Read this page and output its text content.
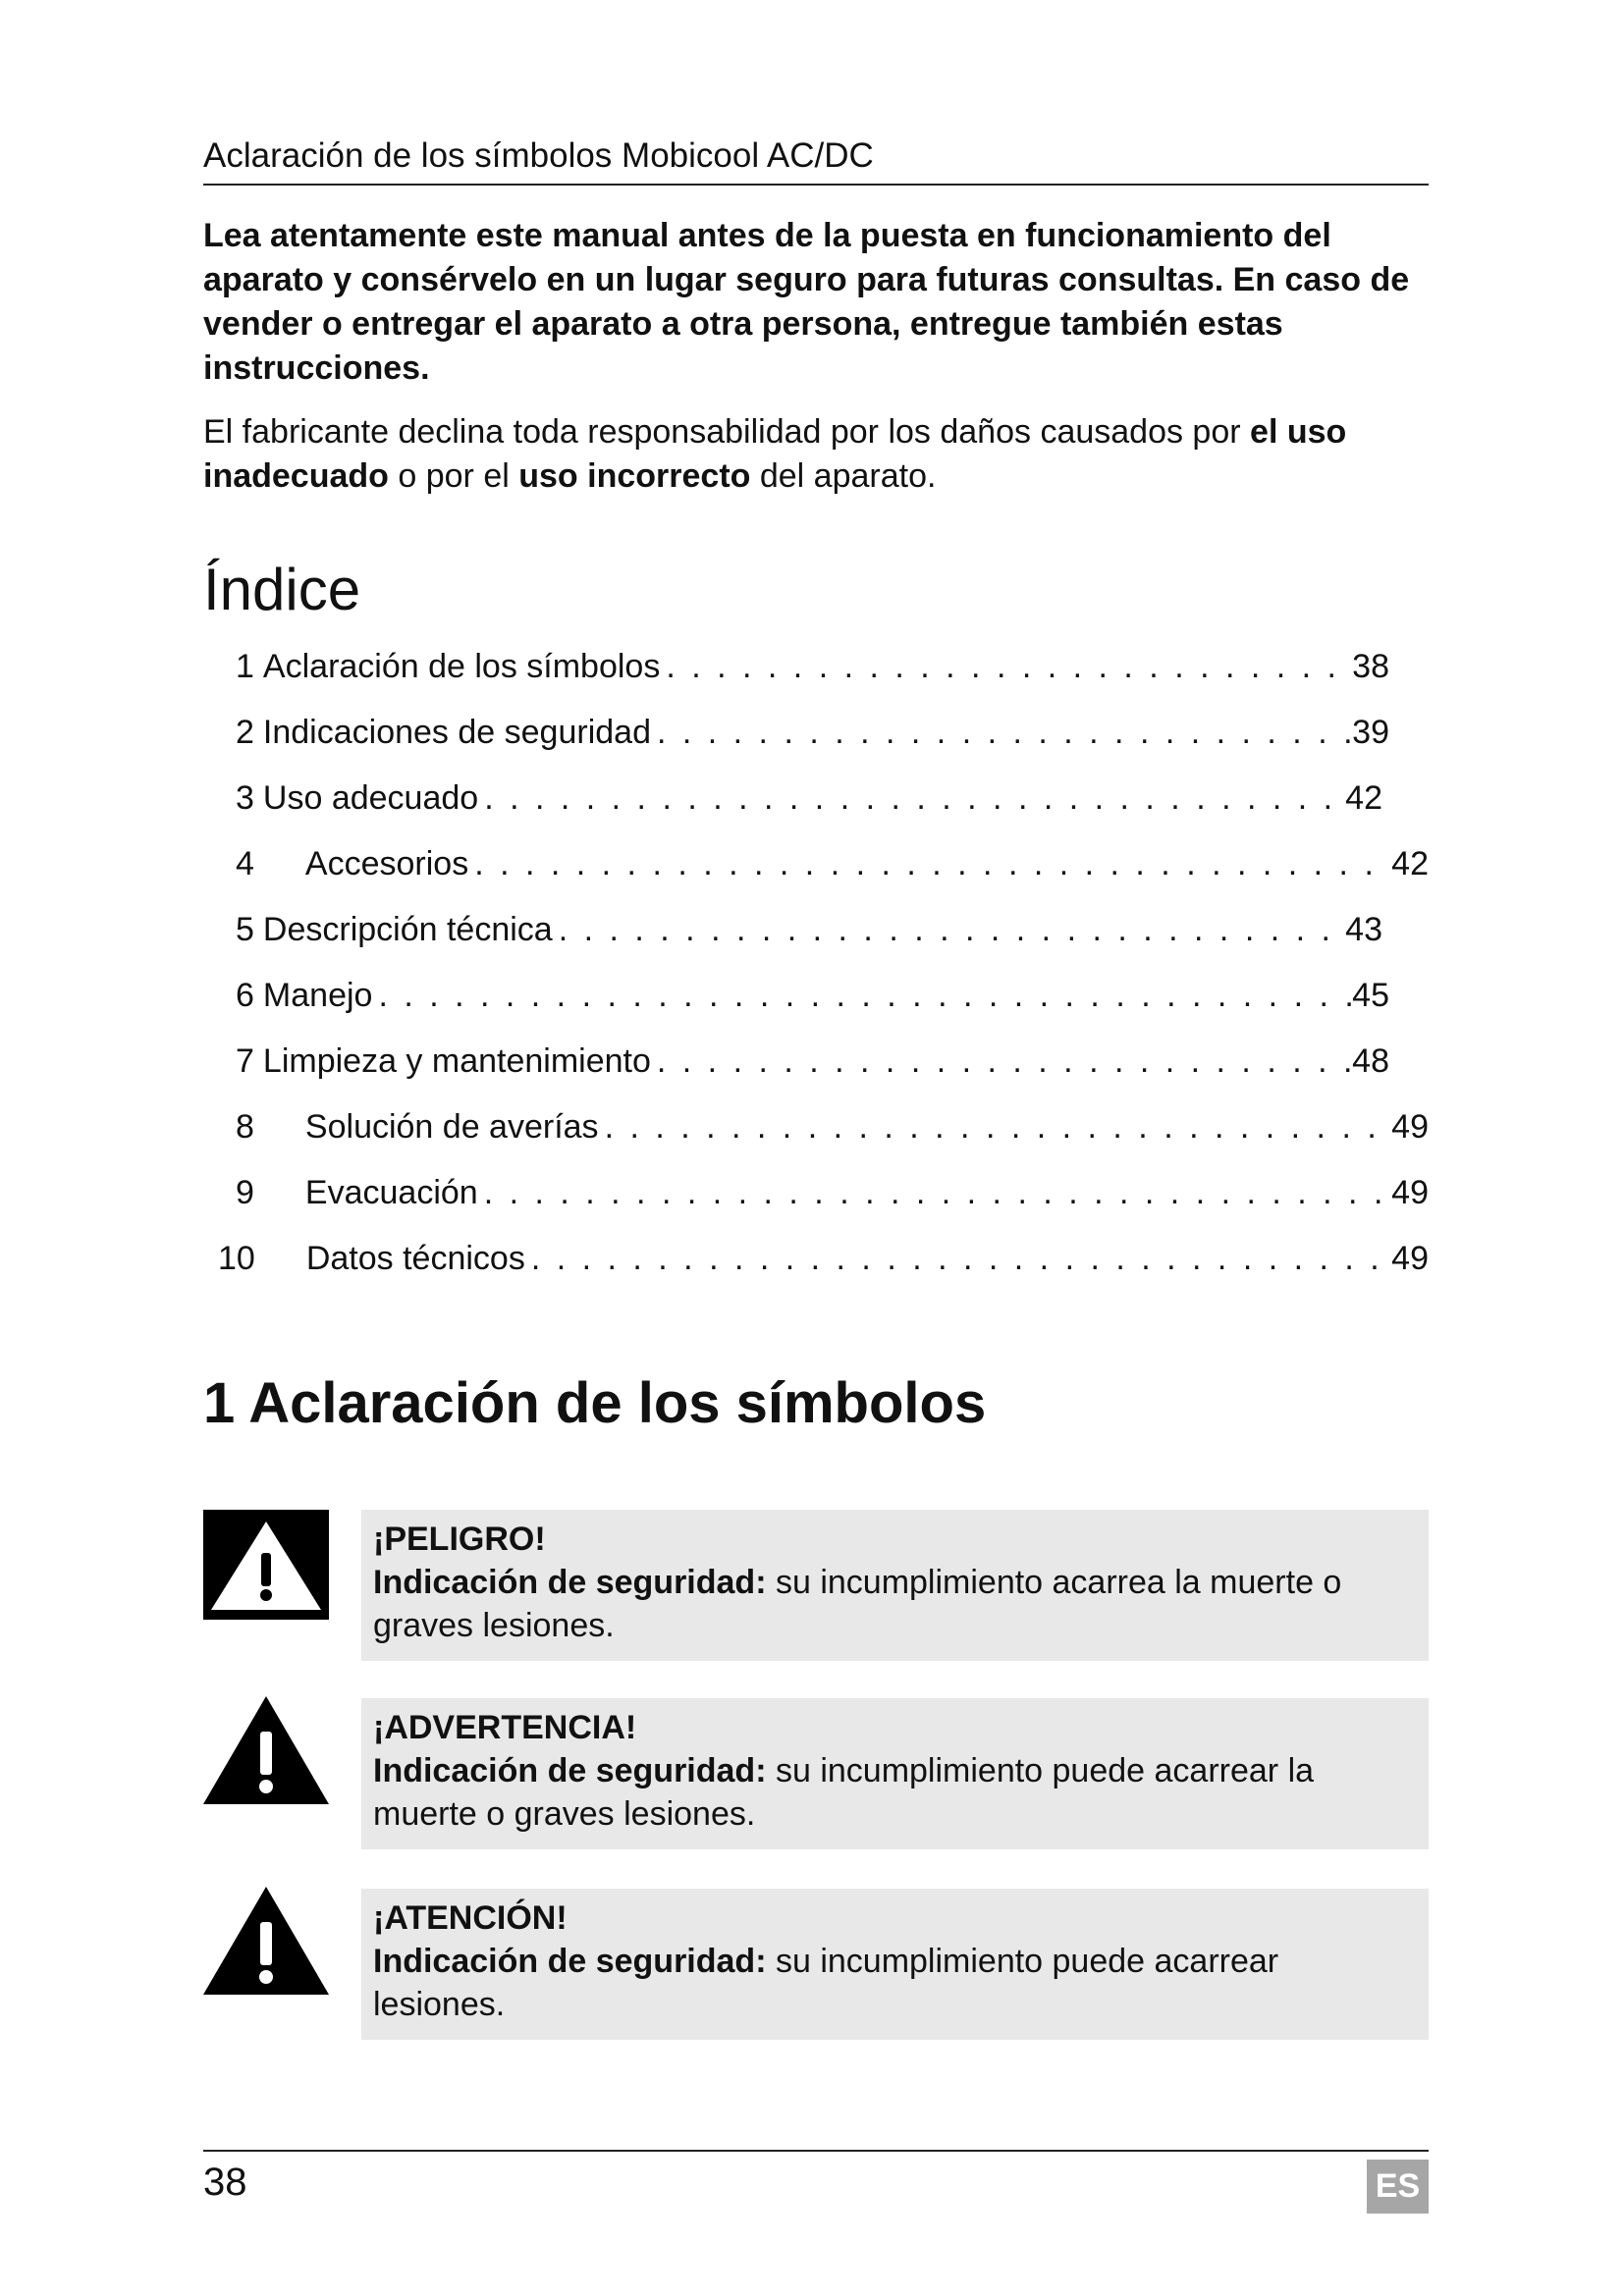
Aclaración de los símbolos Mobicool AC/DC
Lea atentamente este manual antes de la puesta en funcionamiento del aparato y consérvelo en un lugar seguro para futuras consultas. En caso de vender o entregar el aparato a otra persona, entregue también estas instrucciones.
El fabricante declina toda responsabilidad por los daños causados por el uso inadecuado o por el uso incorrecto del aparato.
Índice
1 Aclaración de los símbolos . . .	38
2 Indicaciones de seguridad . . .	39
3 Uso adecuado . . .	42
4 Accesorios . . .	42
5 Descripción técnica . . .	43
6 Manejo . . .	45
7 Limpieza y mantenimiento . . .	48
8 Solución de averías . . .	49
9 Evacuación . . .	49
10 Datos técnicos . . .	49
1 Aclaración de los símbolos
¡PELIGRO!
Indicación de seguridad: su incumplimiento acarrea la muerte o graves lesiones.
¡ADVERTENCIA!
Indicación de seguridad: su incumplimiento puede acarrear la muerte o graves lesiones.
¡ATENCIÓN!
Indicación de seguridad: su incumplimiento puede acarrear lesiones.
38	ES
